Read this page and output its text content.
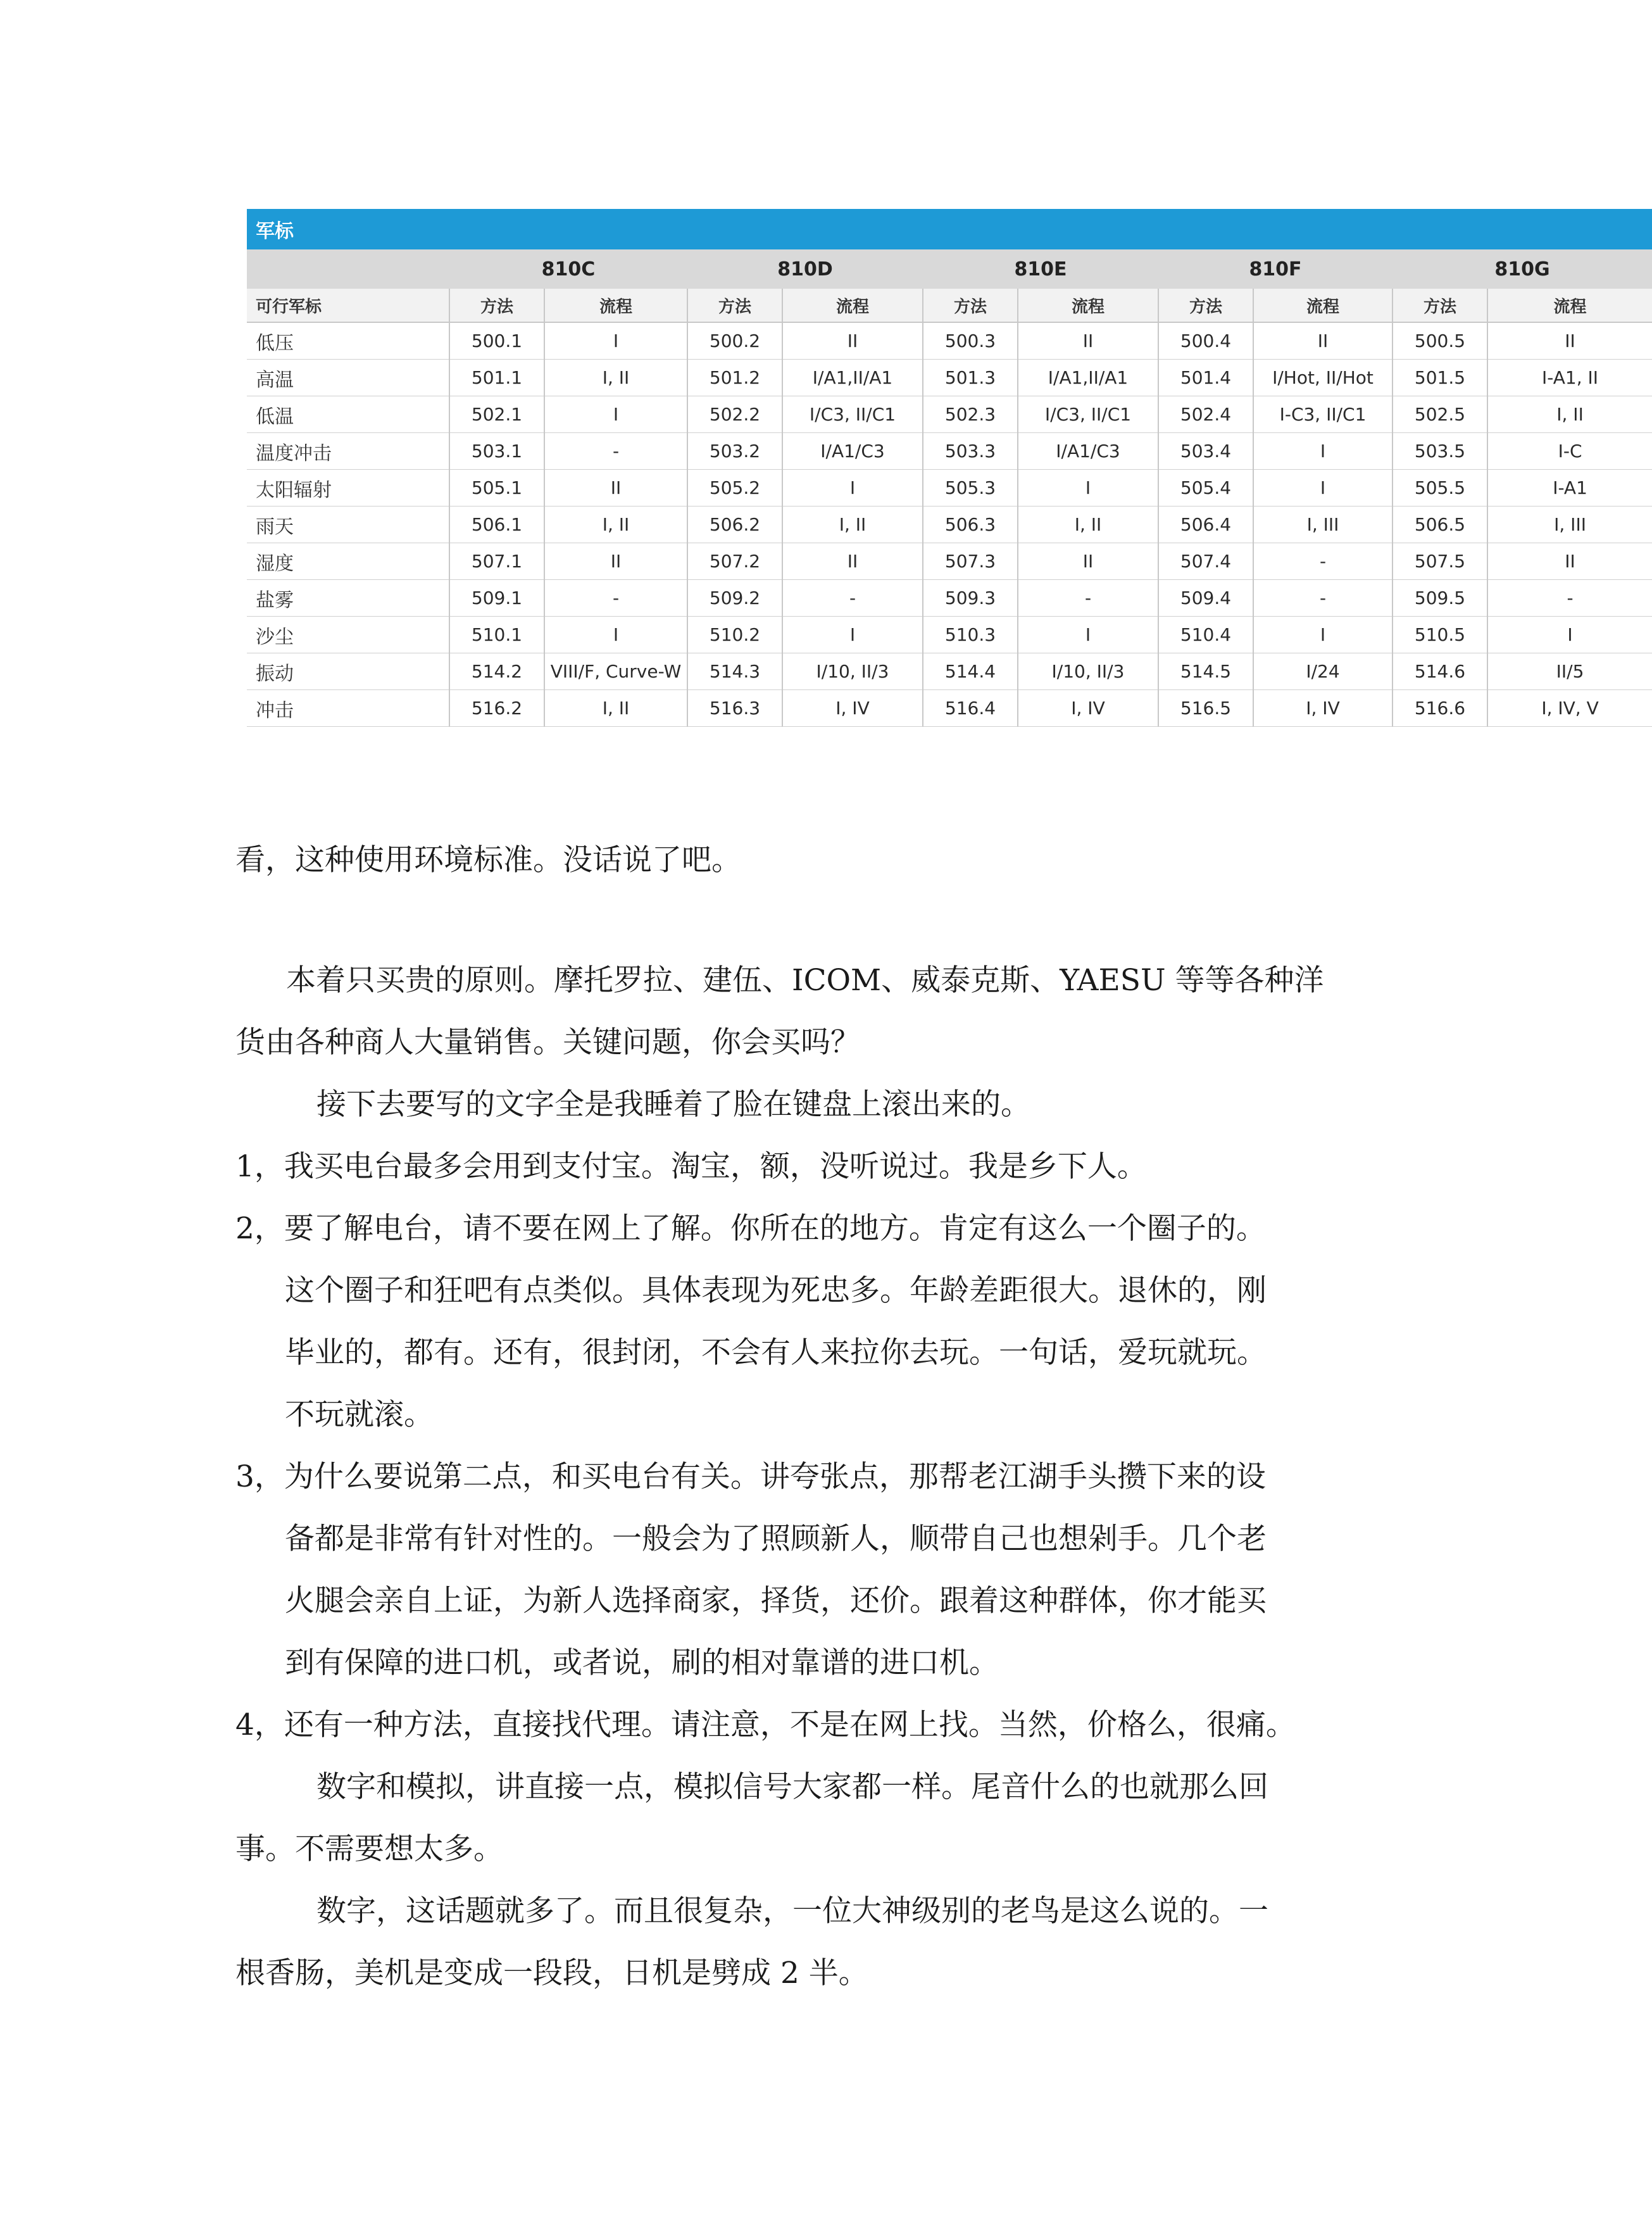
军标										
	810C		810D		810E		810F		810G	
可行军标	方法	流程	方法	流程	方法	流程	方法	流程	方法	流程
低压	500.1	I	500.2	II	500.3	II	500.4	II	500.5	II
高温	501.1	I, II	501.2	I/A1,II/A1	501.3	I/A1,II/A1	501.4	I/Hot, II/Hot	501.5	I-A1, II
低温	502.1	I	502.2	I/C3, II/C1	502.3	I/C3, II/C1	502.4	I-C3, II/C1	502.5	I, II
温度冲击	503.1	-	503.2	I/A1/C3	503.3	I/A1/C3	503.4	I	503.5	I-C
太阳辐射	505.1	II	505.2	I	505.3	I	505.4	I	505.5	I-A1
雨天	506.1	I, II	506.2	I, II	506.3	I, II	506.4	I, III	506.5	I, III
湿度	507.1	II	507.2	II	507.3	II	507.4	-	507.5	II
盐雾	509.1	-	509.2	-	509.3	-	509.4	-	509.5	-
沙尘	510.1	I	510.2	I	510.3	I	510.4	I	510.5	I
振动	514.2	VIII/F, Curve-W	514.3	I/10, II/3	514.4	I/10, II/3	514.5	I/24	514.6	II/5
冲击	516.2	I, II	516.3	I, IV	516.4	I, IV	516.5	I, IV	516.6	I, IV, V
看，这种使用环境标准。没话说了吧。
本着只买贵的原则。摩托罗拉、建伍、ICOM、威泰克斯、YAESU 等等各种洋
货由各种商人大量销售。关键问题，你会买吗？
接下去要写的文字全是我睡着了脸在键盘上滚出来的。
1，我买电台最多会用到支付宝。淘宝，额，没听说过。我是乡下人。
2，要了解电台，请不要在网上了解。你所在的地方。肯定有这么一个圈子的。
这个圈子和狂吧有点类似。具体表现为死忠多。年龄差距很大。退休的，刚
毕业的，都有。还有，很封闭，不会有人来拉你去玩。一句话，爱玩就玩。
不玩就滚。
3，为什么要说第二点，和买电台有关。讲夸张点，那帮老江湖手头攒下来的设
备都是非常有针对性的。一般会为了照顾新人，顺带自己也想剁手。几个老
火腿会亲自上证，为新人选择商家，择货，还价。跟着这种群体，你才能买
到有保障的进口机，或者说，刷的相对靠谱的进口机。
4，还有一种方法，直接找代理。请注意，不是在网上找。当然，价格么，很痛。
数字和模拟，讲直接一点，模拟信号大家都一样。尾音什么的也就那么回
事。不需要想太多。
数字，这话题就多了。而且很复杂，一位大神级别的老鸟是这么说的。一
根香肠，美机是变成一段段，日机是劈成 2 半。
